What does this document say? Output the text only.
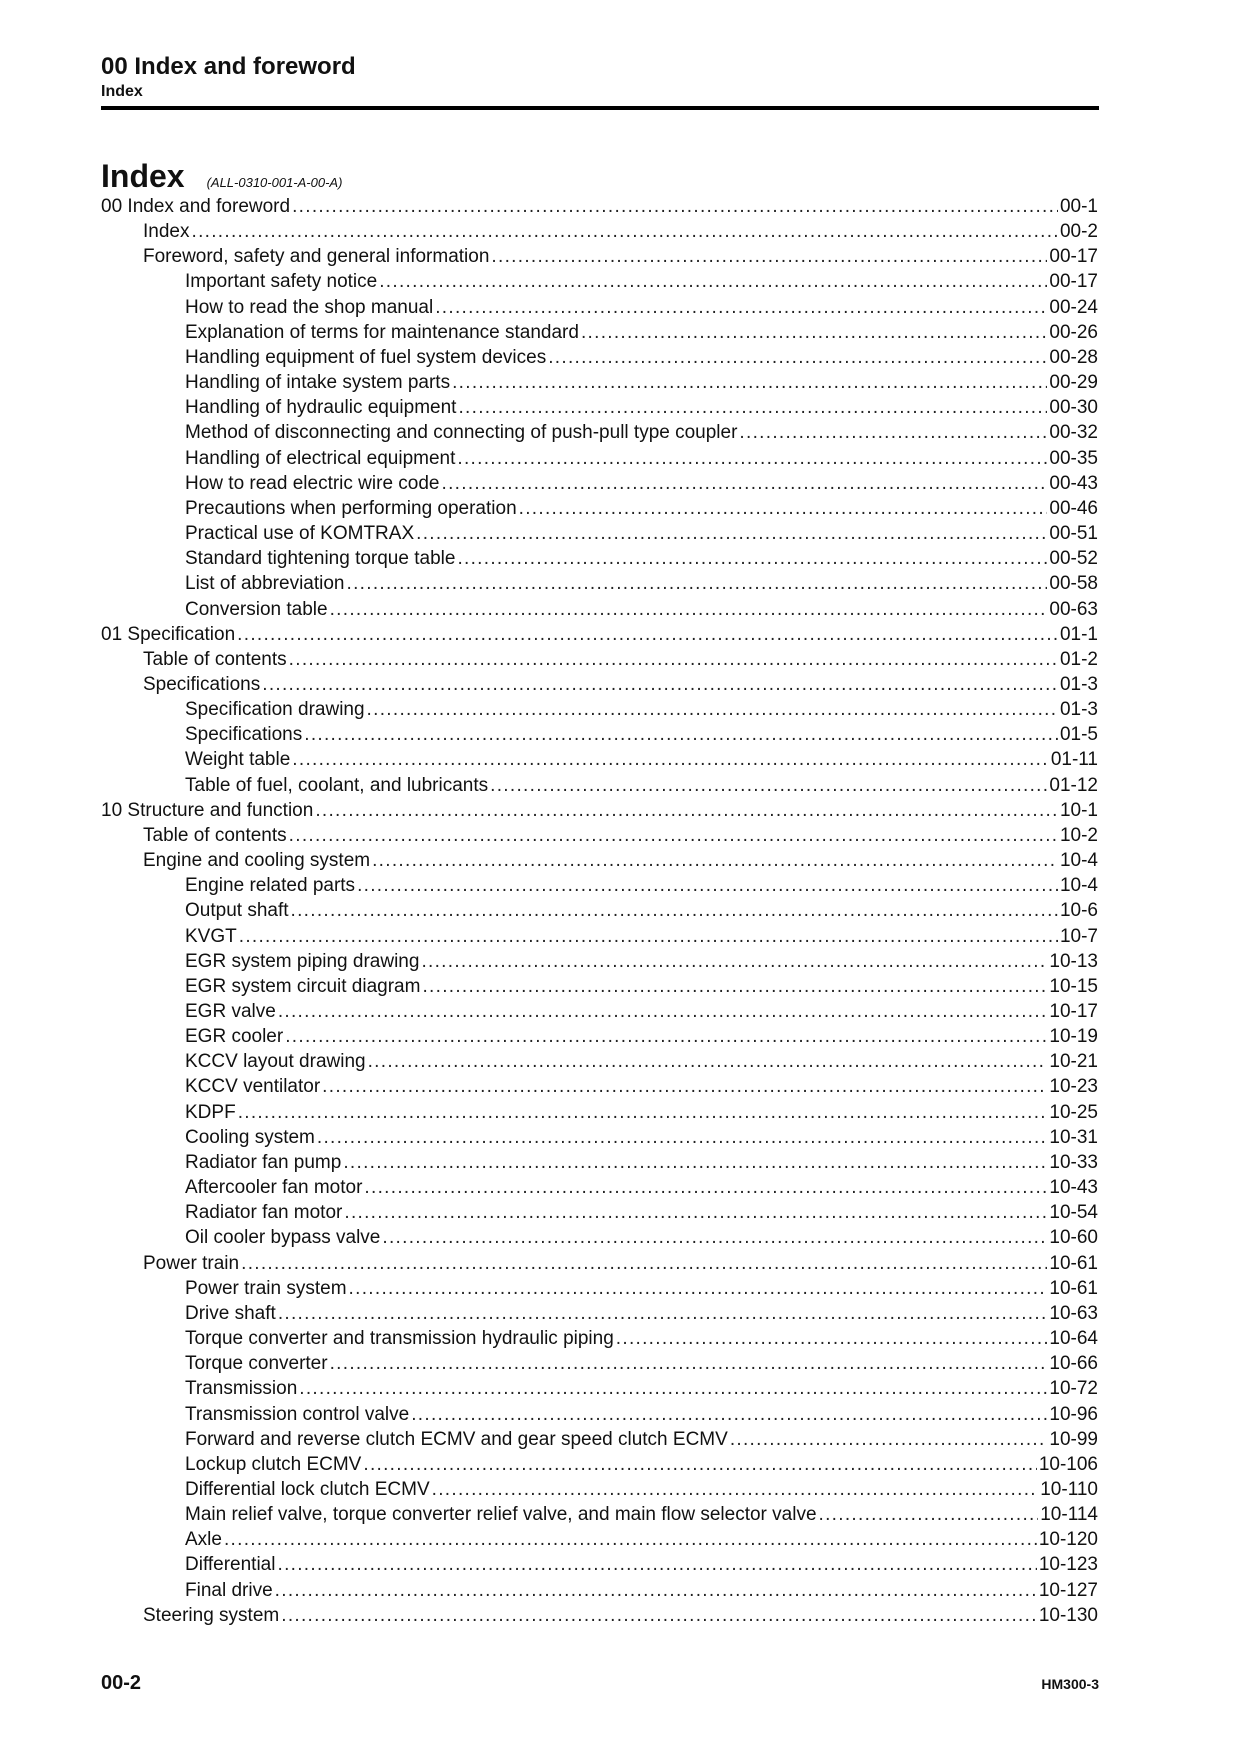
00 Index and foreword
Index
Index (ALL-0310-001-A-00-A)
00 Index and foreword .....	00-1
Index .....	00-2
Foreword, safety and general information .....	00-17
Important safety notice .....	00-17
How to read the shop manual .....	00-24
Explanation of terms for maintenance standard .....	00-26
Handling equipment of fuel system devices .....	00-28
Handling of intake system parts .....	00-29
Handling of hydraulic equipment .....	00-30
Method of disconnecting and connecting of push-pull type coupler .....	00-32
Handling of electrical equipment .....	00-35
How to read electric wire code .....	00-43
Precautions when performing operation .....	00-46
Practical use of KOMTRAX .....	00-51
Standard tightening torque table .....	00-52
List of abbreviation .....	00-58
Conversion table .....	00-63
01 Specification .....	01-1
Table of contents .....	01-2
Specifications .....	01-3
Specification drawing .....	01-3
Specifications .....	01-5
Weight table .....	01-11
Table of fuel, coolant, and lubricants .....	01-12
10 Structure and function .....	10-1
Table of contents .....	10-2
Engine and cooling system .....	10-4
Engine related parts .....	10-4
Output shaft .....	10-6
KVGT .....	10-7
EGR system piping drawing .....	10-13
EGR system circuit diagram .....	10-15
EGR valve .....	10-17
EGR cooler .....	10-19
KCCV layout drawing .....	10-21
KCCV ventilator .....	10-23
KDPF .....	10-25
Cooling system .....	10-31
Radiator fan pump .....	10-33
Aftercooler fan motor .....	10-43
Radiator fan motor .....	10-54
Oil cooler bypass valve .....	10-60
Power train .....	10-61
Power train system .....	10-61
Drive shaft .....	10-63
Torque converter and transmission hydraulic piping .....	10-64
Torque converter .....	10-66
Transmission .....	10-72
Transmission control valve .....	10-96
Forward and reverse clutch ECMV and gear speed clutch ECMV .....	10-99
Lockup clutch ECMV .....	10-106
Differential lock clutch ECMV .....	10-110
Main relief valve, torque converter relief valve, and main flow selector valve .....	10-114
Axle .....	10-120
Differential .....	10-123
Final drive .....	10-127
Steering system .....	10-130
00-2	HM300-3
